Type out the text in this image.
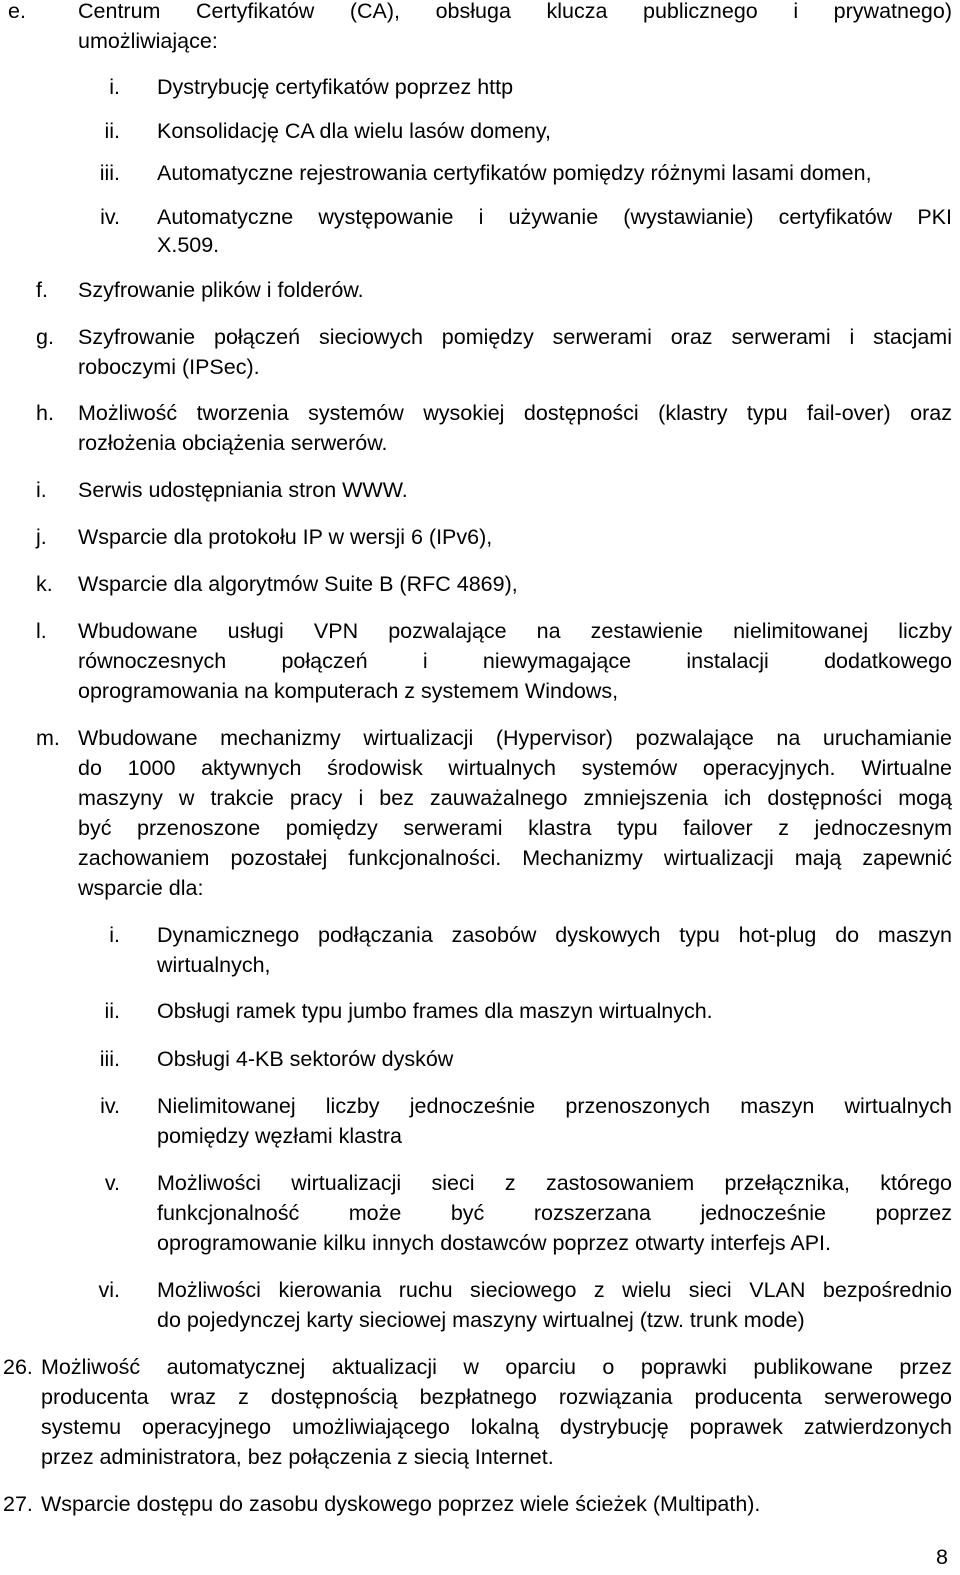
e. Centrum Certyfikatów (CA), obsługa klucza publicznego i prywatnego)
umożliwiające:
i. Dystrybucję certyfikatów poprzez http
ii. Konsolidację CA dla wielu lasów domeny,
iii. Automatyczne rejestrowania certyfikatów pomiędzy różnymi lasami domen,
iv. Automatyczne występowanie i używanie (wystawianie) certyfikatów PKI
X.509.
f. Szyfrowanie plików i folderów.
g. Szyfrowanie połączeń sieciowych pomiędzy serwerami oraz serwerami i stacjami
roboczymi (IPSec).
h. Możliwość tworzenia systemów wysokiej dostępności (klastry typu fail-over) oraz
rozłożenia obciążenia serwerów.
i. Serwis udostępniania stron WWW.
j. Wsparcie dla protokołu IP w wersji 6 (IPv6),
k. Wsparcie dla algorytmów Suite B (RFC 4869),
l. Wbudowane usługi VPN pozwalające na zestawienie nielimitowanej liczby
równoczesnych połączeń i niewymagające instalacji dodatkowego
oprogramowania na komputerach z systemem Windows,
m. Wbudowane mechanizmy wirtualizacji (Hypervisor) pozwalające na uruchamianie
do 1000 aktywnych środowisk wirtualnych systemów operacyjnych. Wirtualne
maszyny w trakcie pracy i bez zauważalnego zmniejszenia ich dostępności mogą
być przenoszone pomiędzy serwerami klastra typu failover z jednoczesnym
zachowaniem pozostałej funkcjonalności. Mechanizmy wirtualizacji mają zapewnić
wsparcie dla:
i. Dynamicznego podłączania zasobów dyskowych typu hot-plug do maszyn
wirtualnych,
ii. Obsługi ramek typu jumbo frames dla maszyn wirtualnych.
iii. Obsługi 4-KB sektorów dysków
iv. Nielimitowanej liczby jednocześnie przenoszonych maszyn wirtualnych
pomiędzy węzłami klastra
v. Możliwości wirtualizacji sieci z zastosowaniem przełącznika, którego
funkcjonalność może być rozszerzana jednocześnie poprzez
oprogramowanie kilku innych dostawców poprzez otwarty interfejs API.
vi. Możliwości kierowania ruchu sieciowego z wielu sieci VLAN bezpośrednio
do pojedynczej karty sieciowej maszyny wirtualnej (tzw. trunk mode)
26. Możliwość automatycznej aktualizacji w oparciu o poprawki publikowane przez
producenta wraz z dostępnością bezpłatnego rozwiązania producenta serwerowego
systemu operacyjnego umożliwiającego lokalną dystrybucję poprawek zatwierdzonych
przez administratora, bez połączenia z siecią Internet.
27. Wsparcie dostępu do zasobu dyskowego poprzez wiele ścieżek (Multipath).
8
